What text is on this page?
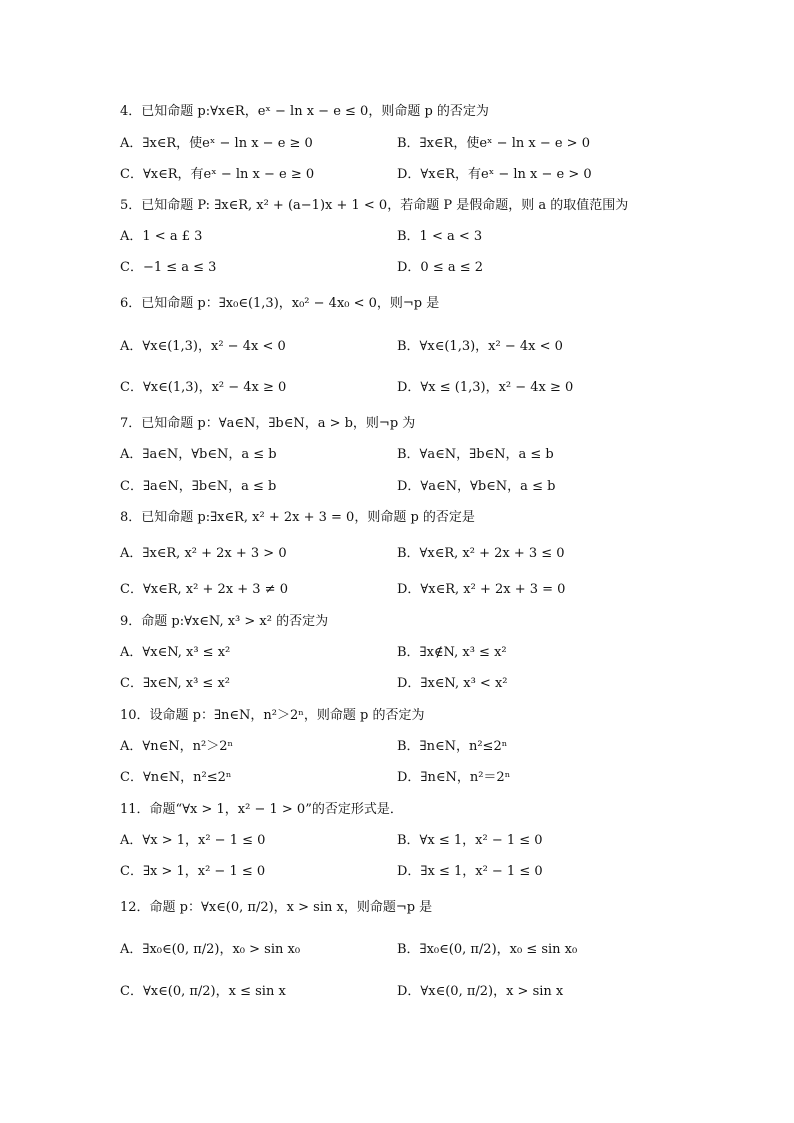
4．已知命题 p:∀x∈R，eˣ − ln x − e ≤ 0，则命题 p 的否定为
A．∃x∈R，使eˣ − ln x − e ≥ 0	B．∃x∈R，使eˣ − ln x − e > 0
C．∀x∈R，有eˣ − ln x − e ≥ 0	D．∀x∈R，有eˣ − ln x − e > 0
5．已知命题 P: ∃x∈R, x² + (a−1)x + 1 < 0，若命题 P 是假命题，则 a 的取值范围为
A．1 < a £ 3	B．1 < a < 3
C．−1 ≤ a ≤ 3	D．0 ≤ a ≤ 2
6．已知命题 p：∃x₀∈(1,3)，x₀² − 4x₀ < 0，则¬p 是
A．∀x∈(1,3)，x² − 4x < 0	B．∀x∈(1,3)，x² − 4x < 0
C．∀x∈(1,3)，x² − 4x ≥ 0	D．∀x ≤ (1,3)，x² − 4x ≥ 0
7．已知命题 p：∀a∈N，∃b∈N，a > b，则¬p 为
A．∃a∈N，∀b∈N，a ≤ b	B．∀a∈N，∃b∈N，a ≤ b
C．∃a∈N，∃b∈N，a ≤ b	D．∀a∈N，∀b∈N，a ≤ b
8．已知命题 p:∃x∈R, x² + 2x + 3 = 0，则命题 p 的否定是
A．∃x∈R, x² + 2x + 3 > 0	B．∀x∈R, x² + 2x + 3 ≤ 0
C．∀x∈R, x² + 2x + 3 ≠ 0	D．∀x∈R, x² + 2x + 3 = 0
9．命题 p:∀x∈N, x³ > x² 的否定为
A．∀x∈N, x³ ≤ x²	B．∃x∉N, x³ ≤ x²
C．∃x∈N, x³ ≤ x²	D．∃x∈N, x³ < x²
10．设命题 p：∃n∈N，n²＞2ⁿ，则命题 p 的否定为
A．∀n∈N，n²＞2ⁿ	B．∃n∈N，n²≤2ⁿ
C．∀n∈N，n²≤2ⁿ	D．∃n∈N，n²＝2ⁿ
11．命题“∀x > 1，x² − 1 > 0”的否定形式是．
A．∀x > 1，x² − 1 ≤ 0	B．∀x ≤ 1，x² − 1 ≤ 0
C．∃x > 1，x² − 1 ≤ 0	D．∃x ≤ 1，x² − 1 ≤ 0
12．命题 p：∀x∈(0, π/2)，x > sin x，则命题¬p 是
A．∃x₀∈(0, π/2)，x₀ > sin x₀	B．∃x₀∈(0, π/2)，x₀ ≤ sin x₀
C．∀x∈(0, π/2)，x ≤ sin x	D．∀x∈(0, π/2)，x > sin x
